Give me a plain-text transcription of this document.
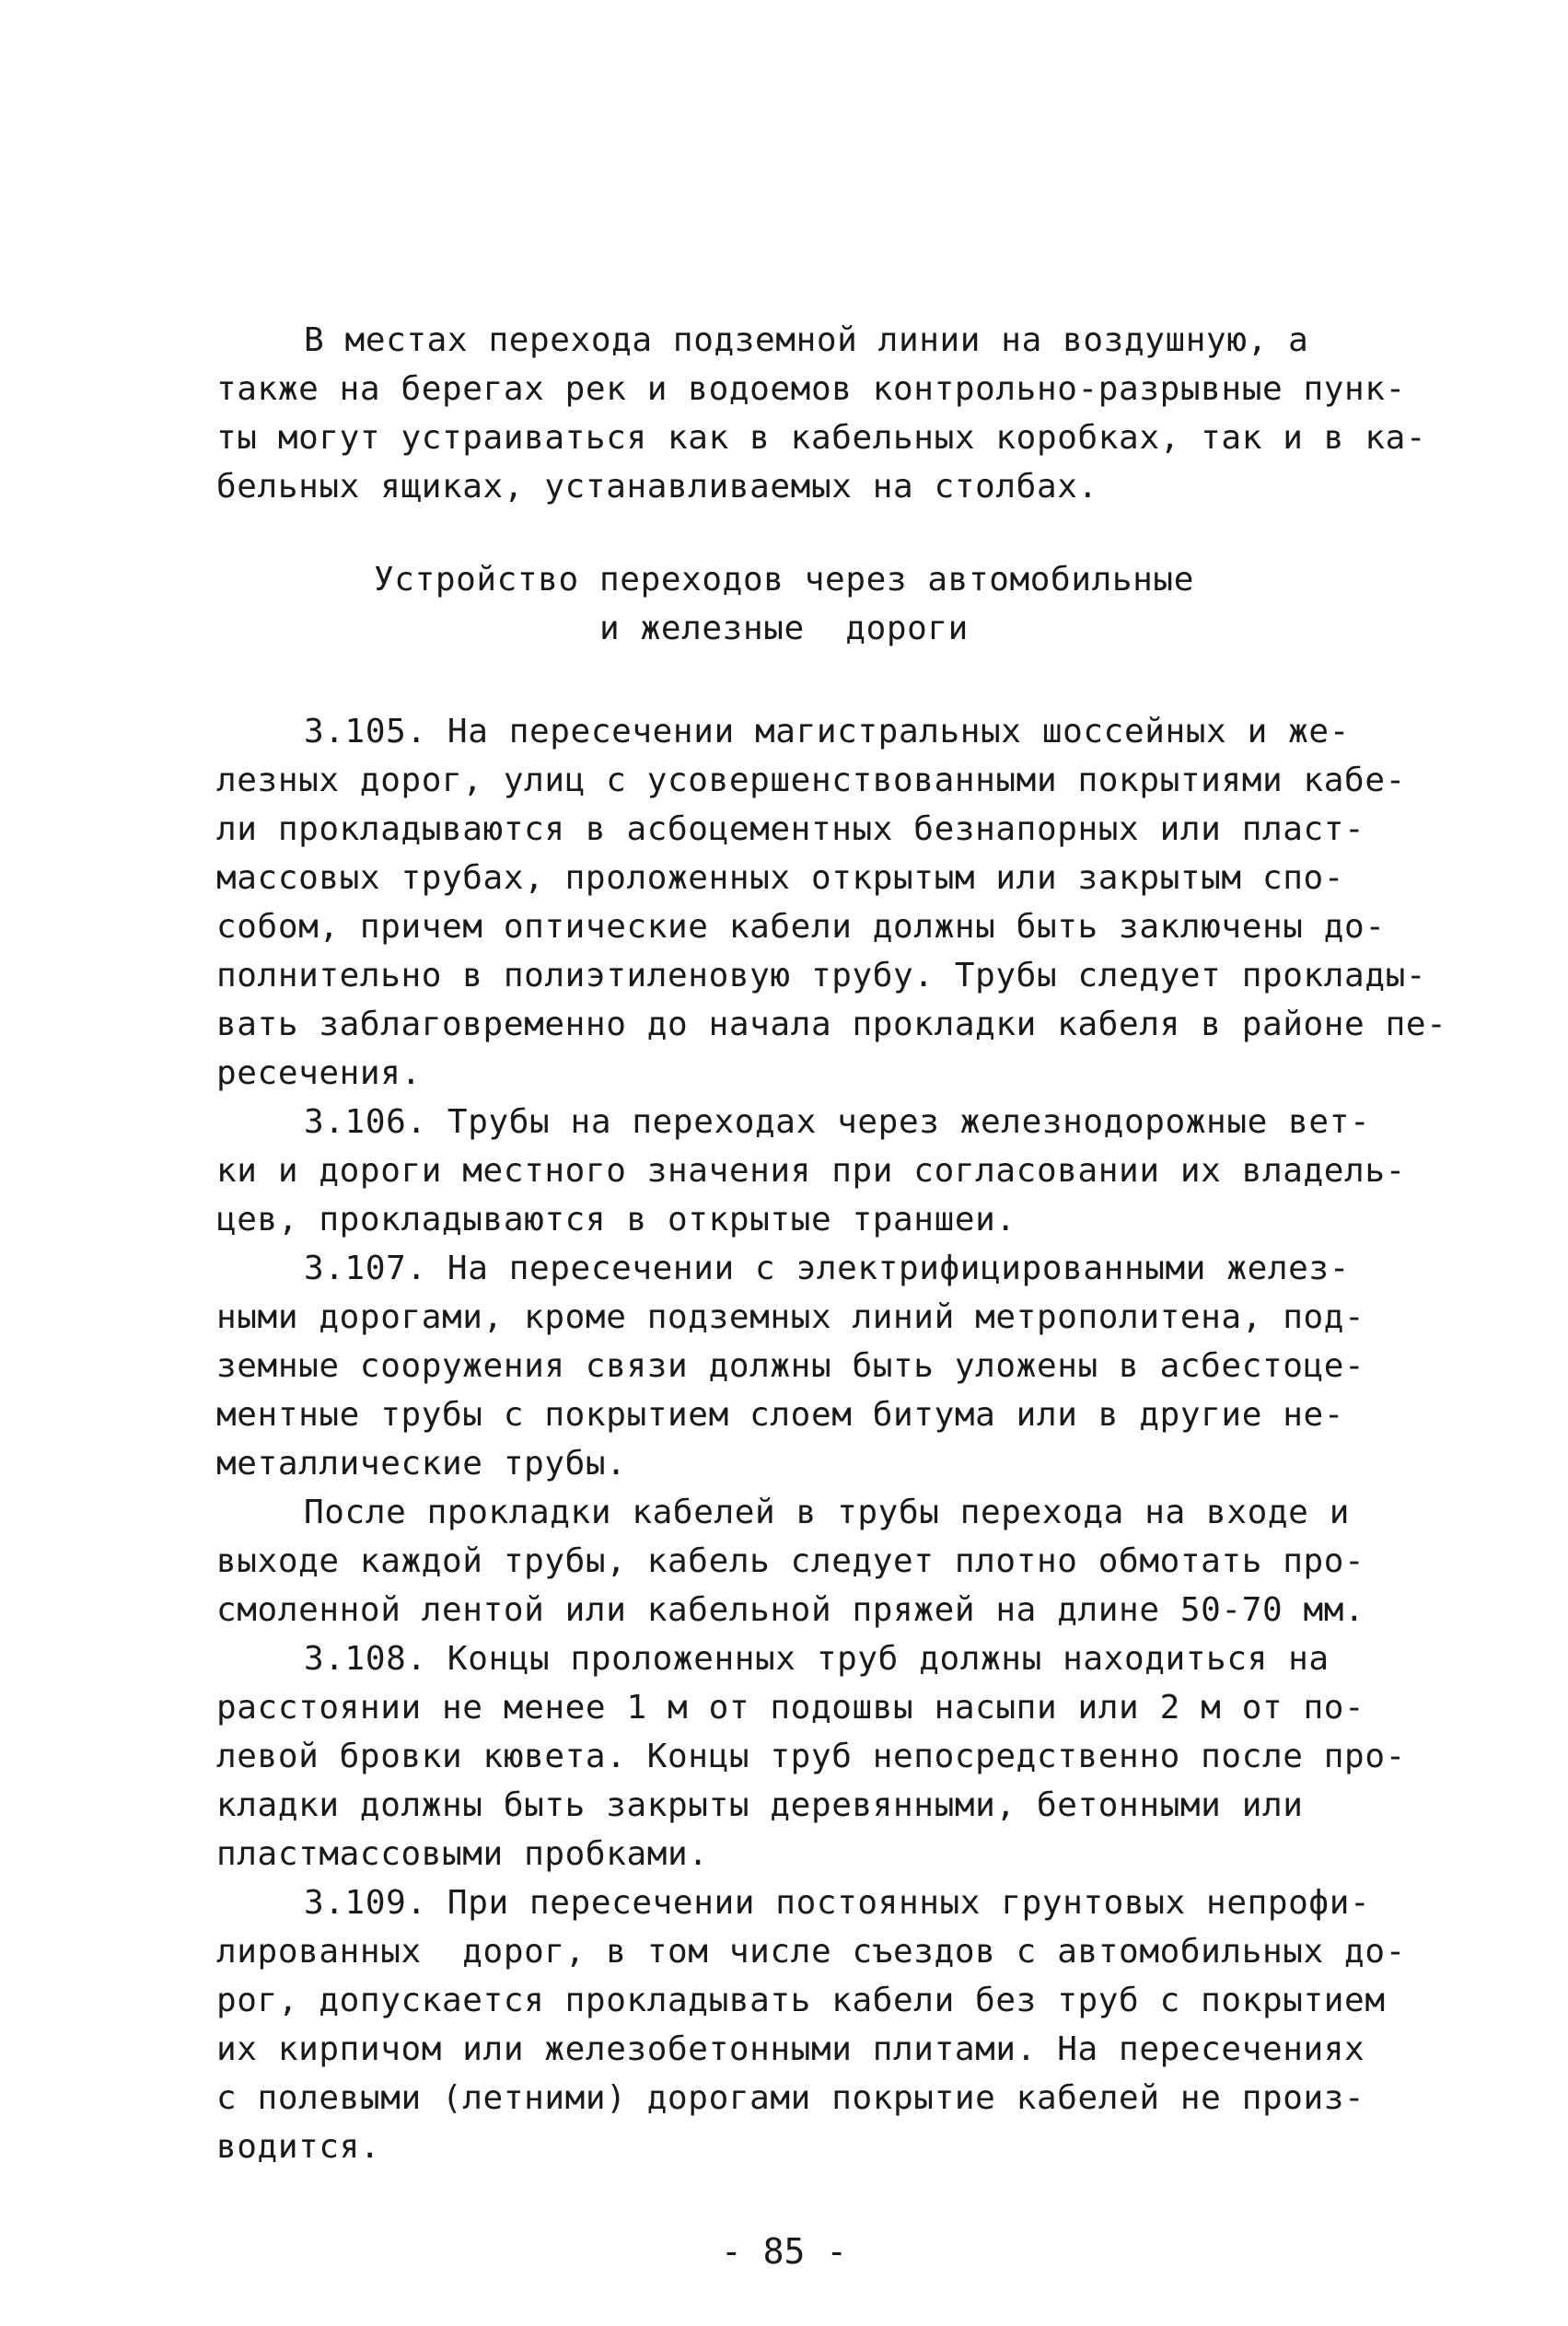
В местах перехода подземной линии на воздушную, а
также на берегах рек и водоемов контрольно-разрывные пунк-
ты могут устраиваться как в кабельных коробках, так и в ка-
бельных ящиках, устанавливаемых на столбах.
Устройство переходов через автомобильные
и железные  дороги
3.105. На пересечении магистральных шоссейных и же-
лезных дорог, улиц с усовершенствованными покрытиями кабе-
ли прокладываются в асбоцементных безнапорных или пласт-
массовых трубах, проложенных открытым или закрытым спо-
собом, причем оптические кабели должны быть заключены до-
полнительно в полиэтиленовую трубу. Трубы следует проклады-
вать заблаговременно до начала прокладки кабеля в районе пе-
ресечения.
3.106. Трубы на переходах через железнодорожные вет-
ки и дороги местного значения при согласовании их владель-
цев, прокладываются в открытые траншеи.
3.107. На пересечении с электрифицированными желез-
ными дорогами, кроме подземных линий метрополитена, под-
земные сооружения связи должны быть уложены в асбестоце-
ментные трубы с покрытием слоем битума или в другие не-
металлические трубы.
После прокладки кабелей в трубы перехода на входе и
выходе каждой трубы, кабель следует плотно обмотать про-
смоленной лентой или кабельной пряжей на длине 50-70 мм.
3.108. Концы проложенных труб должны находиться на
расстоянии не менее 1 м от подошвы насыпи или 2 м от по-
левой бровки кювета. Концы труб непосредственно после про-
кладки должны быть закрыты деревянными, бетонными или
пластмассовыми пробками.
3.109. При пересечении постоянных грунтовых непрофи-
лированных  дорог, в том числе съездов с автомобильных до-
рог, допускается прокладывать кабели без труб с покрытием
их кирпичом или железобетонными плитами. На пересечениях
с полевыми (летними) дорогами покрытие кабелей не произ-
водится.
- 85 -
